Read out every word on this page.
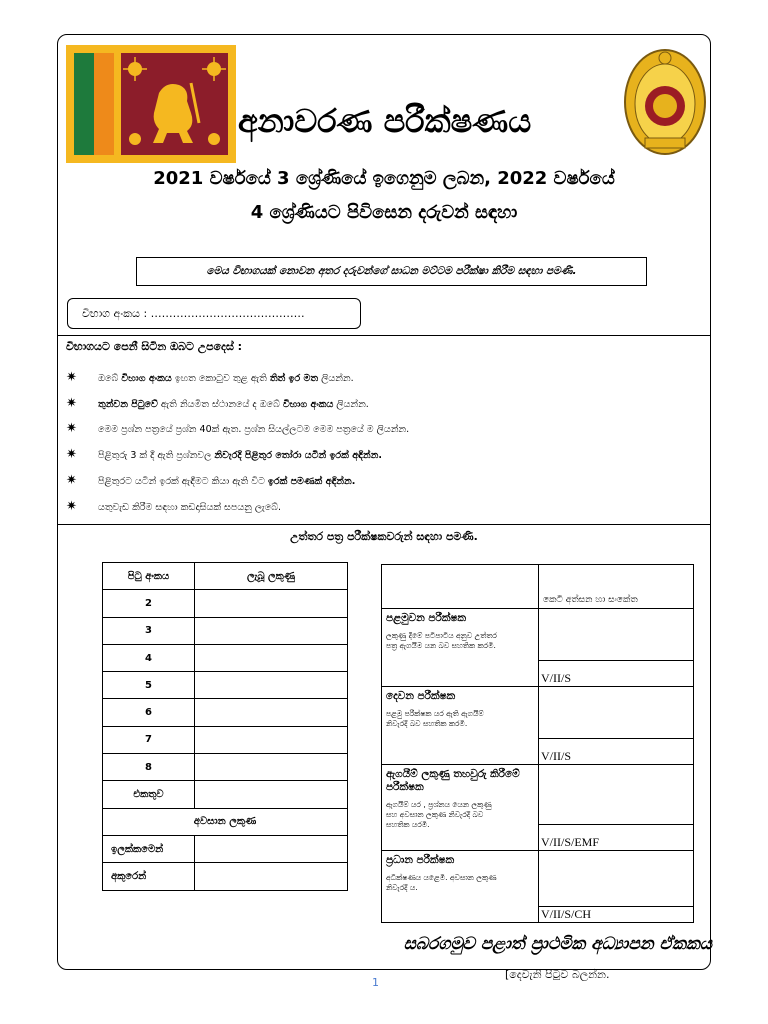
අනාවරණ පරීක්ෂණය
2021 වර්ෂයේ 3 ශ්‍රේණියේ ඉගෙනුම ලබන, 2022 වර්ෂයේ
4 ශ්‍රේණියට පිවිසෙන දරුවන් සඳහා
මෙය විභාගයක් නොවන අතර දරුවන්ගේ සාධන මට්ටම පරීක්ෂා කිරීම සඳහා පමණි.
විභාග අංකය : ……………………………………
විභාගයට පෙනී සිටින ඔබට උපදෙස් :
✷ ඔබේ විභාග අංකය ඉහත කොටුව තුළ ඇති තිත් ඉර මත ලියන්න.
✷ තුන්වන පිටුවේ ඇති නියමිත ස්ථානයේ ද ඔබේ විභාග අංකය ලියන්න.
✷ මෙම ප්‍රශ්න පත්‍රයේ ප්‍රශ්න 40ක් ඇත. ප්‍රශ්න සියල්ලටම මෙම පත්‍රයේ ම ලියන්න.
✷ පිළිතුරු 3 ක් දී ඇති ප්‍රශ්නවල නිවැරදි පිළිතුර තෝරා යටින් ඉරක් අඳින්න.
✷ පිළිතුරට යටින් ඉරක් ඇඳීමට කියා ඇති විට ඉරක් පමණක් අඳින්න.
✷ යතුවැඩ කිරීම සඳහා කඩදාසියක් සපයනු ලැබේ.
උත්තර පත්‍ර පරීක්ෂකවරුන් සඳහා පමණි.
පිටු අංකය	ලැබූ ලකුණු
2	
3	
4	
5	
6	
7	
8	
එකතුව	
අවසාන ලකුණ	
ඉලක්කමෙන්	
අකුරෙන්	
	කෙටි අත්සන හා සංකේත

පළමුවන පරීක්ෂක
ලකුණු දීමේ පටිපාටිය අනුව උත්තර පත්‍ර ඇගයීම යන බව සහතික කරමි.	

	V/II/S

දෙවන පරීක්ෂක
පළමු පරීක්ෂක යර ඇති ඇගයීම් නිවැරදි බව සහතික කරමි.	

	V/II/S

ඇගයීම් ලකුණු තහවුරු කිරීමේ පරීක්ෂක
ඇගයීම් යර , ප්‍රශ්නය යෙන ලකුණු සහ අවසාන ලකුණ නිවැරදි බව සහතික යරමි.	

	V/II/S/EMF

ප්‍රධාන පරීක්ෂක
අධීක්ෂණය යළෙමි. අවසාන ලකුණ නිවැරදි ය.	

	V/II/S/CH
සබරගමුව පළාත් ප්‍රාථමික අධ්‍යාපන ඒකකය
1
[දෙවැනි පිටුව බලන්න.
